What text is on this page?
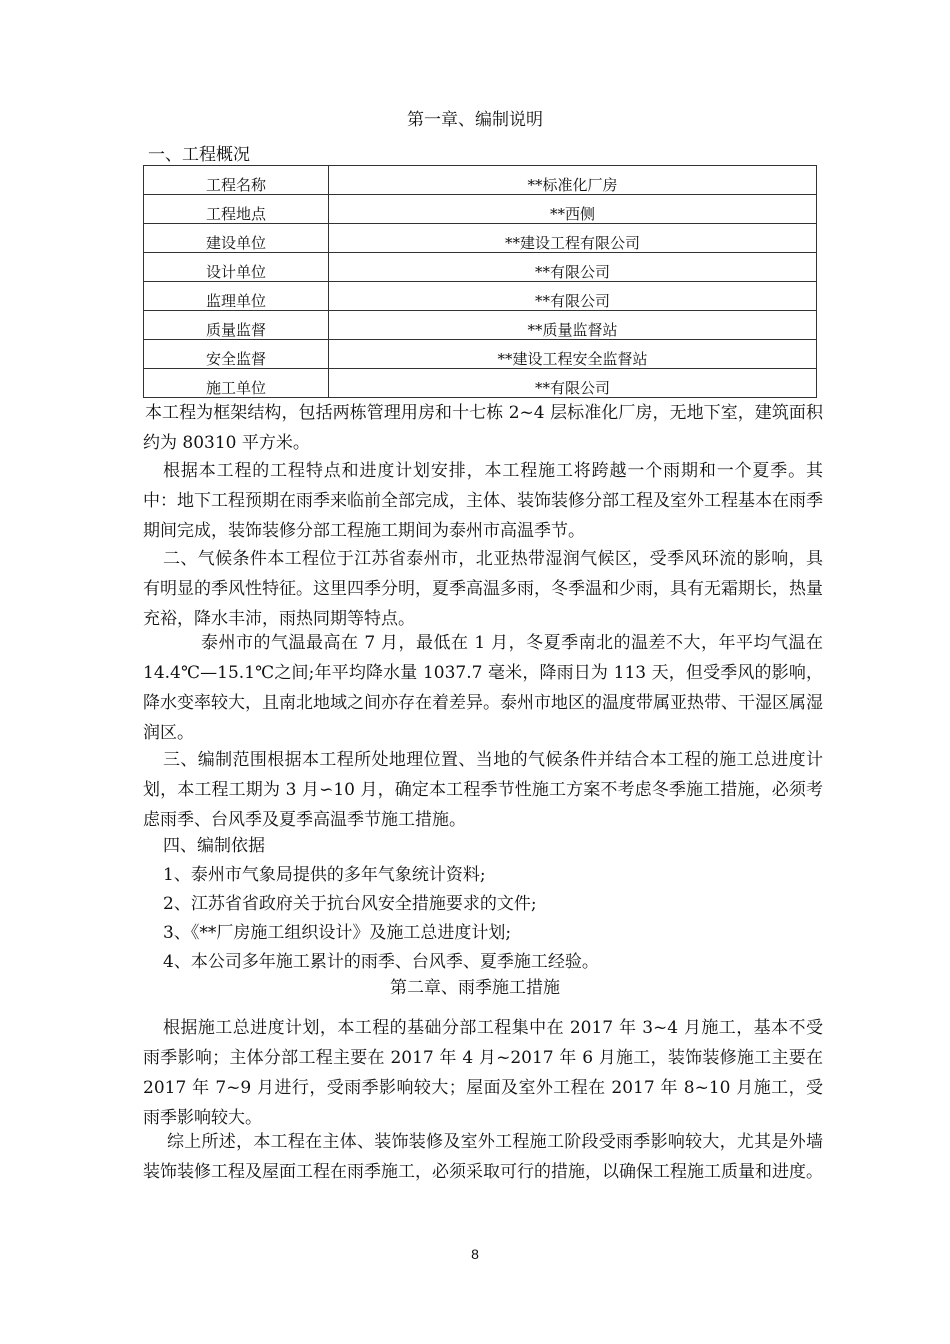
第一章、编制说明
一、工程概况
工程名称	**标准化厂房
工程地点	**西侧
建设单位	**建设工程有限公司
设计单位	**有限公司
监理单位	**有限公司
质量监督	**质量监督站
安全监督	**建设工程安全监督站
施工单位	**有限公司

本工程为框架结构，包括两栋管理用房和十七栋 2~4 层标准化厂房，无地下室，建筑面积约为 80310 平方米。

根据本工程的工程特点和进度计划安排，本工程施工将跨越一个雨期和一个夏季。其中：地下工程预期在雨季来临前全部完成，主体、装饰装修分部工程及室外工程基本在雨季期间完成，装饰装修分部工程施工期间为泰州市高温季节。

二、气候条件本工程位于江苏省泰州市，北亚热带湿润气候区，受季风环流的影响，具有明显的季风性特征。这里四季分明，夏季高温多雨，冬季温和少雨，具有无霜期长，热量充裕，降水丰沛，雨热同期等特点。

泰州市的气温最高在 7 月，最低在 1 月，冬夏季南北的温差不大，年平均气温在 14.4℃—15.1℃之间;年平均降水量 1037.7 毫米，降雨日为 113 天，但受季风的影响，降水变率较大，且南北地域之间亦存在着差异。泰州市地区的温度带属亚热带、干湿区属湿润区。

三、编制范围根据本工程所处地理位置、当地的气候条件并结合本工程的施工总进度计划，本工程工期为 3 月∽10 月，确定本工程季节性施工方案不考虑冬季施工措施，必须考虑雨季、台风季及夏季高温季节施工措施。

四、编制依据

1、泰州市气象局提供的多年气象统计资料;

2、江苏省省政府关于抗台风安全措施要求的文件;

3、《**厂房施工组织设计》及施工总进度计划;

4、本公司多年施工累计的雨季、台风季、夏季施工经验。

第二章、雨季施工措施

根据施工总进度计划，本工程的基础分部工程集中在 2017 年 3~4 月施工，基本不受雨季影响；主体分部工程主要在 2017 年 4 月~2017 年 6 月施工，装饰装修施工主要在 2017 年 7~9 月进行，受雨季影响较大；屋面及室外工程在 2017 年 8~10 月施工，受雨季影响较大。

综上所述，本工程在主体、装饰装修及室外工程施工阶段受雨季影响较大，尤其是外墙装饰装修工程及屋面工程在雨季施工，必须采取可行的措施，以确保工程施工质量和进度。

8
